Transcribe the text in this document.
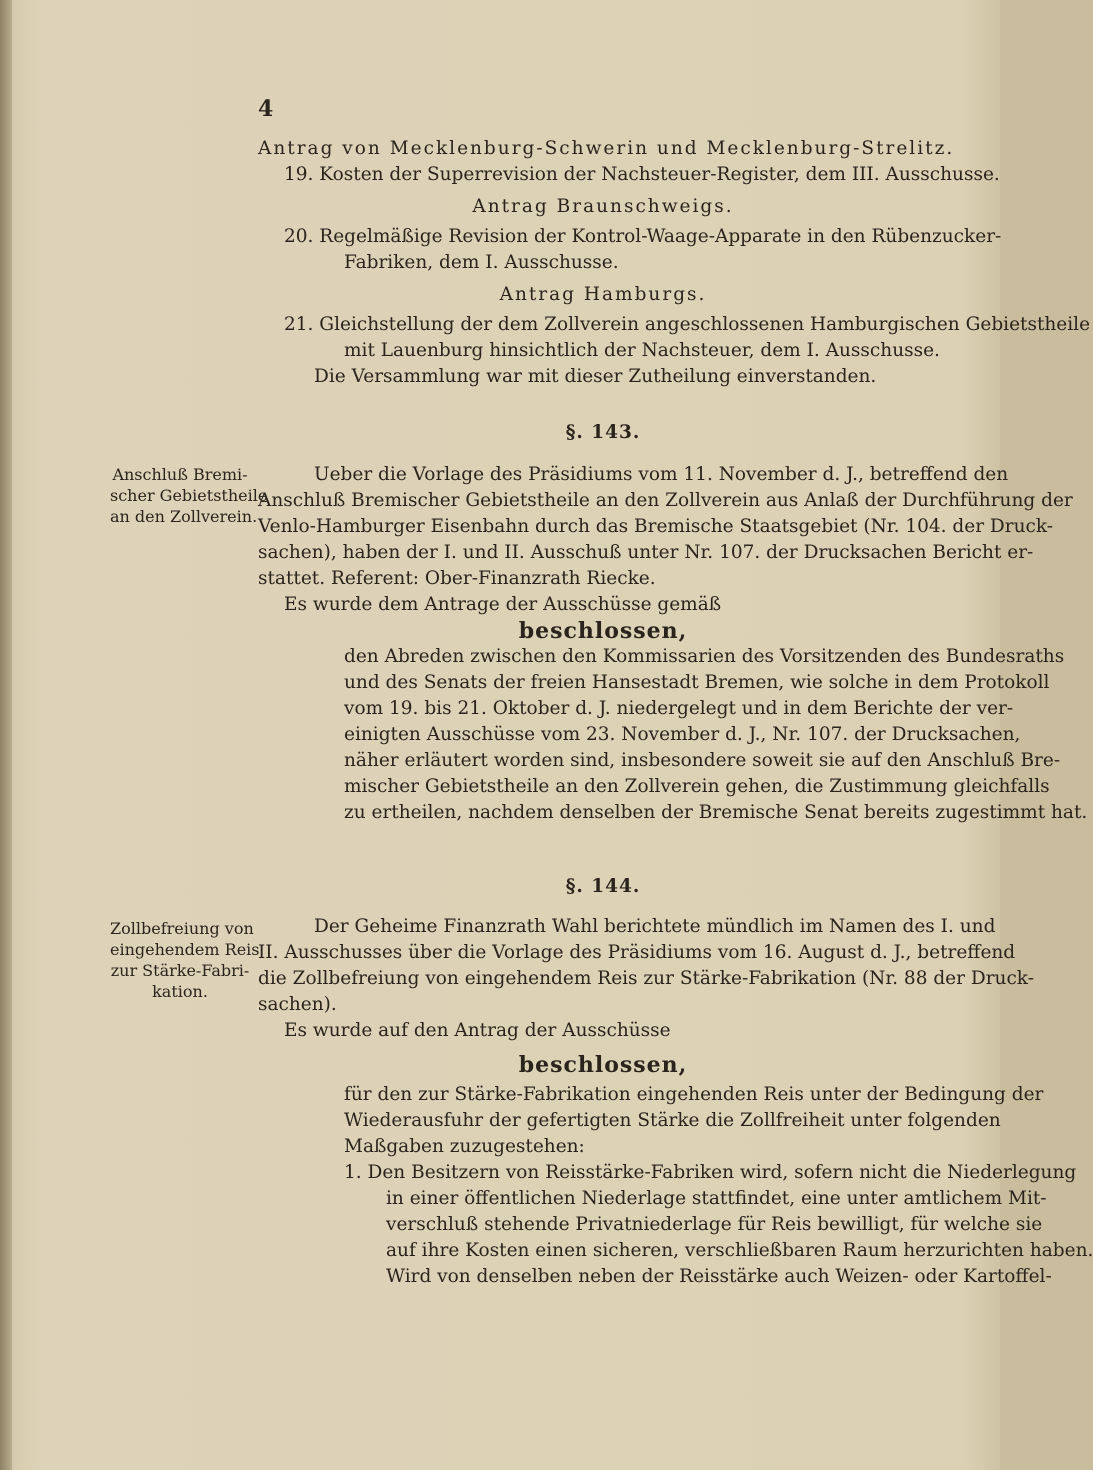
4
Antrag von Mecklenburg-Schwerin und Mecklenburg-Strelitz.
19. Kosten der Superrevision der Nachsteuer-Register, dem III. Ausschusse.
Antrag Braunschweigs.
20. Regelmäßige Revision der Kontrol-Waage-Apparate in den Rübenzucker-
Fabriken, dem I. Ausschusse.
Antrag Hamburgs.
21. Gleichstellung der dem Zollverein angeschlossenen Hamburgischen Gebietstheile
mit Lauenburg hinsichtlich der Nachsteuer, dem I. Ausschusse.
Die Versammlung war mit dieser Zutheilung einverstanden.
§. 143.
Anschluß Bremi-
scher Gebietstheile
an den Zollverein.
Ueber die Vorlage des Präsidiums vom 11. November d. J., betreffend den
Anschluß Bremischer Gebietstheile an den Zollverein aus Anlaß der Durchführung der
Venlo-Hamburger Eisenbahn durch das Bremische Staatsgebiet (Nr. 104. der Druck-
sachen), haben der I. und II. Ausschuß unter Nr. 107. der Drucksachen Bericht er-
stattet. Referent: Ober-Finanzrath Riecke.
Es wurde dem Antrage der Ausschüsse gemäß
beschlossen,
den Abreden zwischen den Kommissarien des Vorsitzenden des Bundesraths
und des Senats der freien Hansestadt Bremen, wie solche in dem Protokoll
vom 19. bis 21. Oktober d. J. niedergelegt und in dem Berichte der ver-
einigten Ausschüsse vom 23. November d. J., Nr. 107. der Drucksachen,
näher erläutert worden sind, insbesondere soweit sie auf den Anschluß Bre-
mischer Gebietstheile an den Zollverein gehen, die Zustimmung gleichfalls
zu ertheilen, nachdem denselben der Bremische Senat bereits zugestimmt hat.
§. 144.
Zollbefreiung von
eingehendem Reis
zur Stärke-Fabri-
kation.
Der Geheime Finanzrath Wahl berichtete mündlich im Namen des I. und
II. Ausschusses über die Vorlage des Präsidiums vom 16. August d. J., betreffend
die Zollbefreiung von eingehendem Reis zur Stärke-Fabrikation (Nr. 88 der Druck-
sachen).
Es wurde auf den Antrag der Ausschüsse
beschlossen,
für den zur Stärke-Fabrikation eingehenden Reis unter der Bedingung der
Wiederausfuhr der gefertigten Stärke die Zollfreiheit unter folgenden
Maßgaben zuzugestehen:
1. Den Besitzern von Reisstärke-Fabriken wird, sofern nicht die Niederlegung
in einer öffentlichen Niederlage stattfindet, eine unter amtlichem Mit-
verschluß stehende Privatniederlage für Reis bewilligt, für welche sie
auf ihre Kosten einen sicheren, verschließbaren Raum herzurichten haben.
Wird von denselben neben der Reisstärke auch Weizen- oder Kartoffel-
